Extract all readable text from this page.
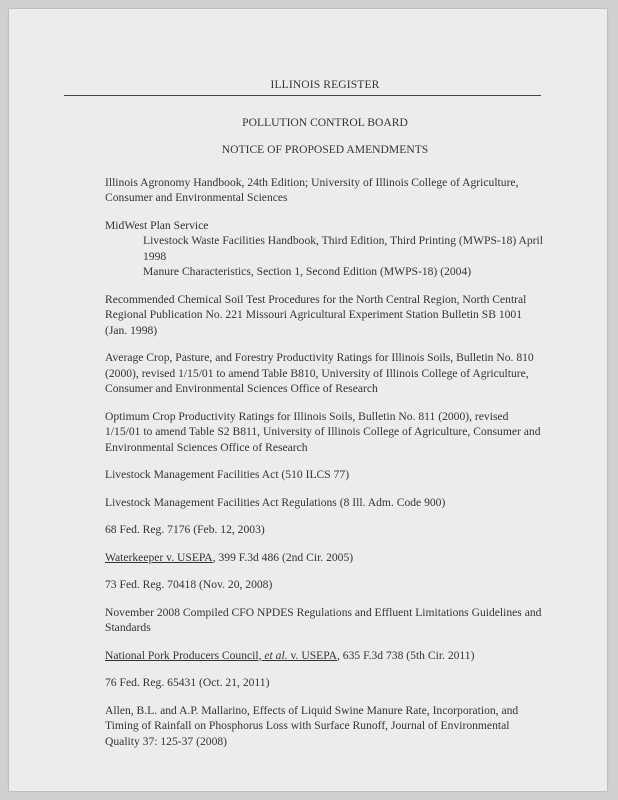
ILLINOIS REGISTER
POLLUTION CONTROL BOARD
NOTICE OF PROPOSED AMENDMENTS
Illinois Agronomy Handbook, 24th Edition; University of Illinois College of Agriculture, Consumer and Environmental Sciences
MidWest Plan Service
Livestock Waste Facilities Handbook, Third Edition, Third Printing (MWPS-18) April 1998
Manure Characteristics, Section 1, Second Edition (MWPS-18) (2004)
Recommended Chemical Soil Test Procedures for the North Central Region, North Central Regional Publication No. 221 Missouri Agricultural Experiment Station Bulletin SB 1001 (Jan. 1998)
Average Crop, Pasture, and Forestry Productivity Ratings for Illinois Soils, Bulletin No. 810 (2000), revised 1/15/01 to amend Table B810, University of Illinois College of Agriculture, Consumer and Environmental Sciences Office of Research
Optimum Crop Productivity Ratings for Illinois Soils, Bulletin No. 811 (2000), revised 1/15/01 to amend Table S2 B811, University of Illinois College of Agriculture, Consumer and Environmental Sciences Office of Research
Livestock Management Facilities Act (510 ILCS 77)
Livestock Management Facilities Act Regulations (8 Ill. Adm. Code 900)
68 Fed. Reg. 7176 (Feb. 12, 2003)
Waterkeeper v. USEPA, 399 F.3d 486 (2nd Cir. 2005)
73 Fed. Reg. 70418 (Nov. 20, 2008)
November 2008 Compiled CFO NPDES Regulations and Effluent Limitations Guidelines and Standards
National Pork Producers Council, et al. v. USEPA, 635 F.3d 738 (5th Cir. 2011)
76 Fed. Reg. 65431 (Oct. 21, 2011)
Allen, B.L. and A.P. Mallarino, Effects of Liquid Swine Manure Rate, Incorporation, and Timing of Rainfall on Phosphorus Loss with Surface Runoff, Journal of Environmental Quality 37: 125-37 (2008)
